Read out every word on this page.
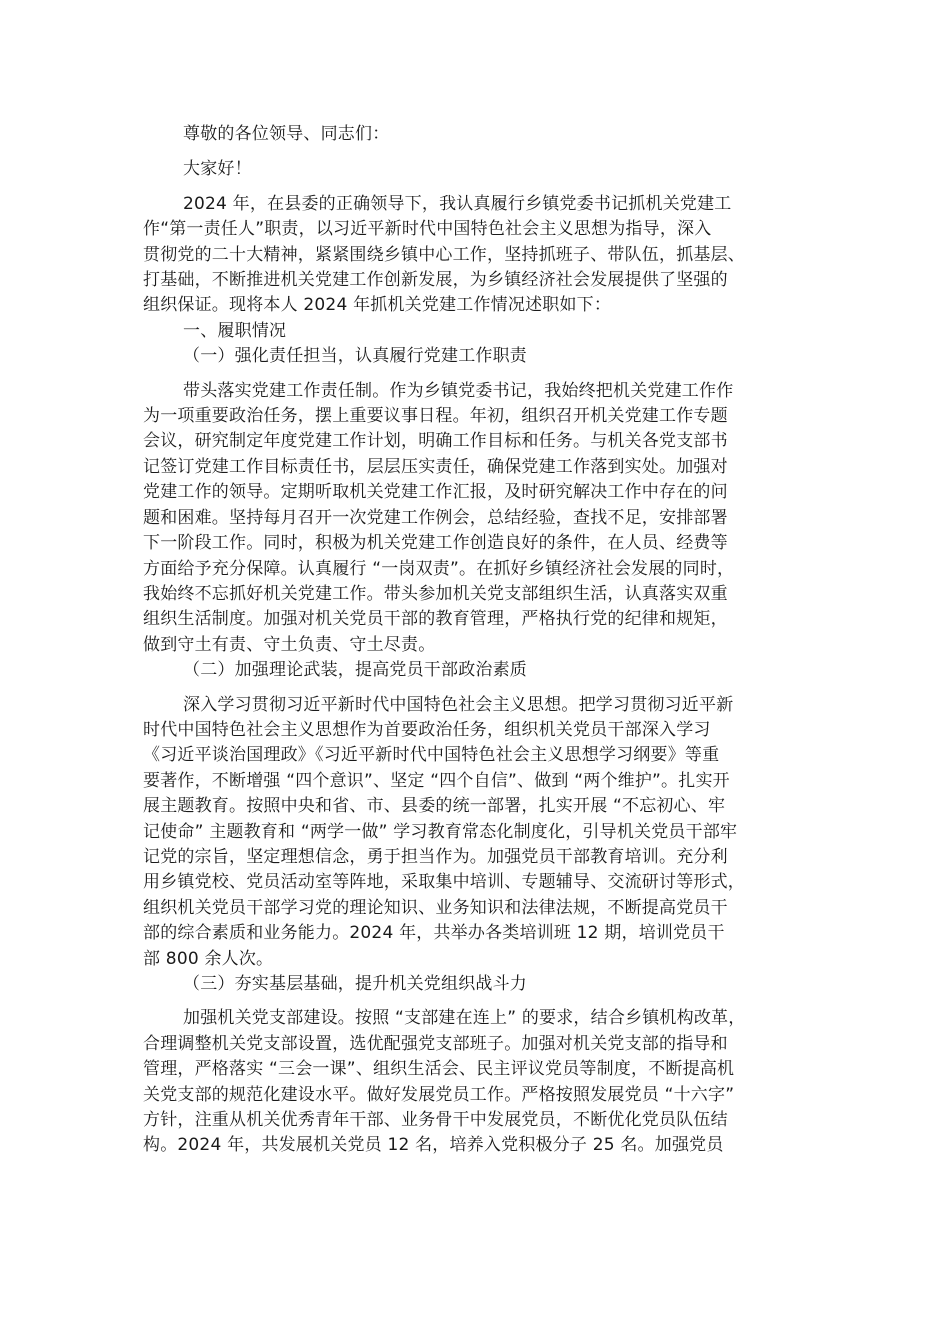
尊敬的各位领导、同志们：

大家好！

2024 年，在县委的正确领导下，我认真履行乡镇党委书记抓机关党建工
作“第一责任人”职责，以习近平新时代中国特色社会主义思想为指导，深入
贯彻党的二十大精神，紧紧围绕乡镇中心工作，坚持抓班子、带队伍，抓基层、
打基础，不断推进机关党建工作创新发展，为乡镇经济社会发展提供了坚强的
组织保证。现将本人 2024 年抓机关党建工作情况述职如下：

一、履职情况

（一）强化责任担当，认真履行党建工作职责

带头落实党建工作责任制。作为乡镇党委书记，我始终把机关党建工作作
为一项重要政治任务，摆上重要议事日程。年初，组织召开机关党建工作专题
会议，研究制定年度党建工作计划，明确工作目标和任务。与机关各党支部书
记签订党建工作目标责任书，层层压实责任，确保党建工作落到实处。加强对
党建工作的领导。定期听取机关党建工作汇报，及时研究解决工作中存在的问
题和困难。坚持每月召开一次党建工作例会，总结经验，查找不足，安排部署
下一阶段工作。同时，积极为机关党建工作创造良好的条件，在人员、经费等
方面给予充分保障。认真履行 “一岗双责”。在抓好乡镇经济社会发展的同时，
我始终不忘抓好机关党建工作。带头参加机关党支部组织生活，认真落实双重
组织生活制度。加强对机关党员干部的教育管理，严格执行党的纪律和规矩，
做到守土有责、守土负责、守土尽责。

（二）加强理论武装，提高党员干部政治素质

深入学习贯彻习近平新时代中国特色社会主义思想。把学习贯彻习近平新
时代中国特色社会主义思想作为首要政治任务，组织机关党员干部深入学习
《习近平谈治国理政》《习近平新时代中国特色社会主义思想学习纲要》等重
要著作，不断增强 “四个意识”、坚定 “四个自信”、做到 “两个维护”。扎实开
展主题教育。按照中央和省、市、县委的统一部署，扎实开展 “不忘初心、牢
记使命” 主题教育和 “两学一做” 学习教育常态化制度化，引导机关党员干部牢
记党的宗旨，坚定理想信念，勇于担当作为。加强党员干部教育培训。充分利
用乡镇党校、党员活动室等阵地，采取集中培训、专题辅导、交流研讨等形式，
组织机关党员干部学习党的理论知识、业务知识和法律法规，不断提高党员干
部的综合素质和业务能力。2024 年，共举办各类培训班 12 期，培训党员干
部 800 余人次。

（三）夯实基层基础，提升机关党组织战斗力

加强机关党支部建设。按照 “支部建在连上” 的要求，结合乡镇机构改革，
合理调整机关党支部设置，选优配强党支部班子。加强对机关党支部的指导和
管理，严格落实 “三会一课”、组织生活会、民主评议党员等制度，不断提高机
关党支部的规范化建设水平。做好发展党员工作。严格按照发展党员 “十六字”
方针，注重从机关优秀青年干部、业务骨干中发展党员，不断优化党员队伍结
构。2024 年，共发展机关党员 12 名，培养入党积极分子 25 名。加强党员
